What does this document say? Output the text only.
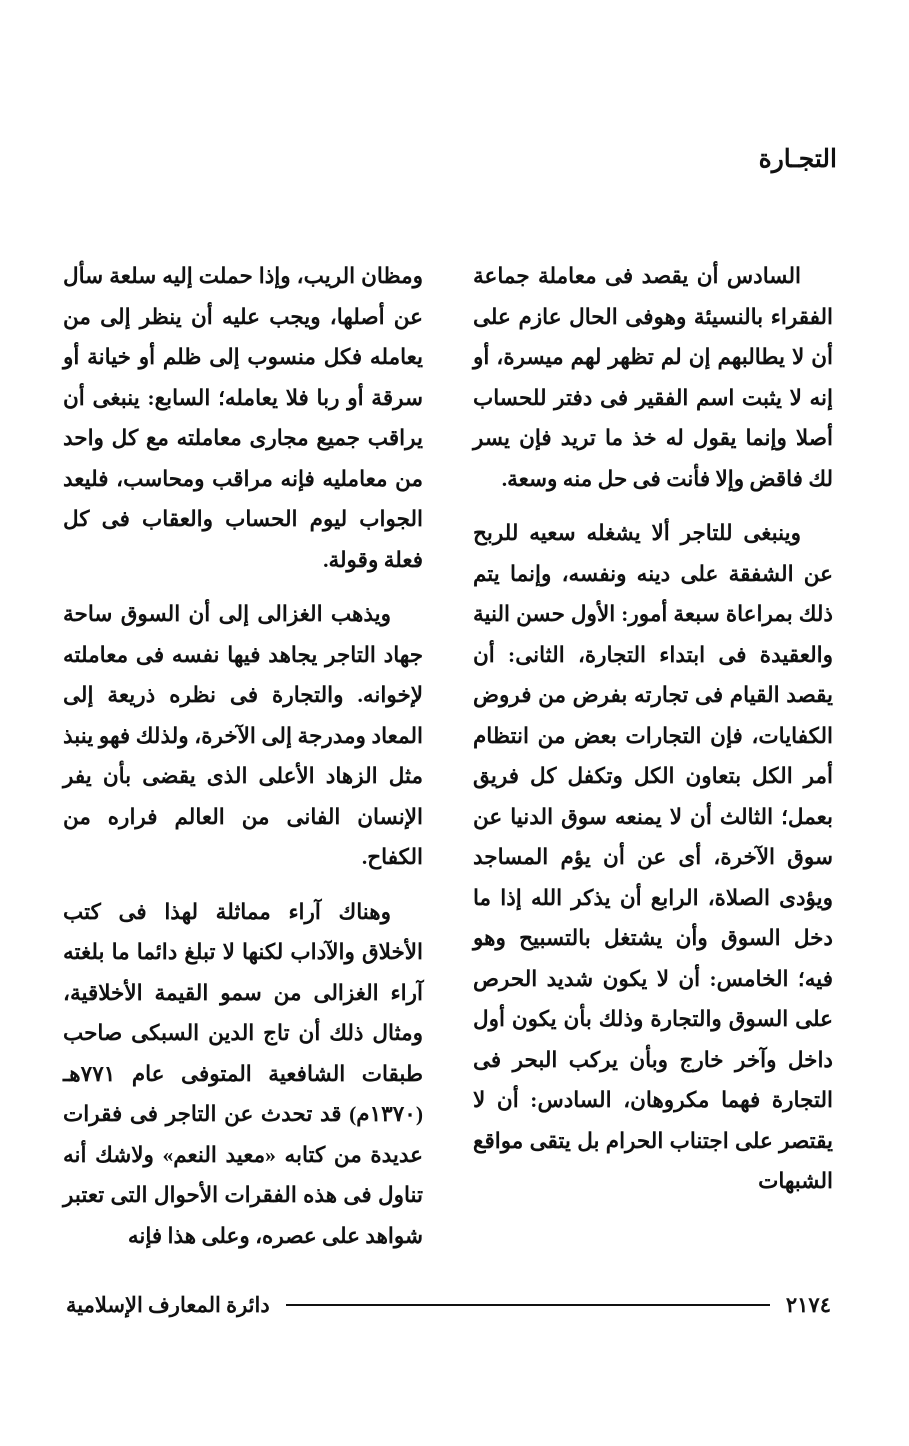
التجـارة

السادس أن يقصد فى معاملة جماعة الفقراء بالنسيئة وهوفى الحال عازم على أن لا يطالبهم إن لم تظهر لهم ميسرة، أو إنه لا يثبت اسم الفقير فى دفتر للحساب أصلا وإنما يقول له خذ ما تريد فإن يسر لك فاقض وإلا فأنت فى حل منه وسعة.

وينبغى للتاجر ألا يشغله سعيه للربح عن الشفقة على دينه ونفسه، وإنما يتم ذلك بمراعاة سبعة أمور: الأول حسن النية والعقيدة فى ابتداء التجارة، الثانى: أن يقصد القيام فى تجارته بفرض من فروض الكفايات، فإن التجارات بعض من انتظام أمر الكل بتعاون الكل وتكفل كل فريق بعمل؛ الثالث أن لا يمنعه سوق الدنيا عن سوق الآخرة، أى عن أن يؤم المساجد ويؤدى الصلاة، الرابع أن يذكر الله إذا ما دخل السوق وأن يشتغل بالتسبيح وهو فيه؛ الخامس: أن لا يكون شديد الحرص على السوق والتجارة وذلك بأن يكون أول داخل وآخر خارج وبأن يركب البحر فى التجارة فهما مكروهان، السادس: أن لا يقتصر على اجتناب الحرام بل يتقى مواقع الشبهات

ومظان الريب، وإذا حملت إليه سلعة سأل عن أصلها، ويجب عليه أن ينظر إلى من يعامله فكل منسوب إلى ظلم أو خيانة أو سرقة أو ربا فلا يعامله؛ السابع: ينبغى أن يراقب جميع مجارى معاملته مع كل واحد من معامليه فإنه مراقب ومحاسب، فليعد الجواب ليوم الحساب والعقاب فى كل فعلة وقولة.

ويذهب الغزالى إلى أن السوق ساحة جهاد التاجر يجاهد فيها نفسه فى معاملته لإخوانه. والتجارة فى نظره ذريعة إلى المعاد ومدرجة إلى الآخرة، ولذلك فهو ينبذ مثل الزهاد الأعلى الذى يقضى بأن يفر الإنسان الفانى من العالم فراره من الكفاح.

وهناك آراء مماثلة لهذا فى كتب الأخلاق والآداب لكنها لا تبلغ دائما ما بلغته آراء الغزالى من سمو القيمة الأخلاقية، ومثال ذلك أن تاج الدين السبكى صاحب طبقات الشافعية المتوفى عام ٧٧١هـ (١٣٧٠م) قد تحدث عن التاجر فى فقرات عديدة من كتابه «معيد النعم» ولاشك أنه تناول فى هذه الفقرات الأحوال التى تعتبر شواهد على عصره، وعلى هذا فإنه

٢١٧٤
دائرة المعارف الإسلامية
